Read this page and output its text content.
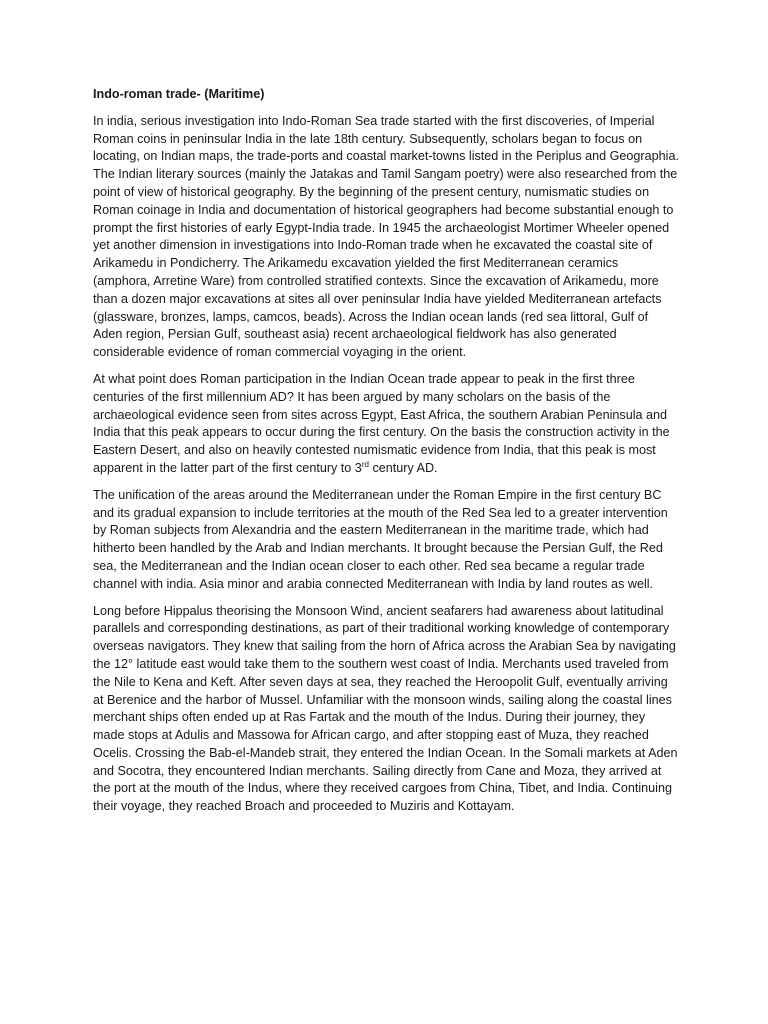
Indo-roman trade- (Maritime)

In india, serious investigation into Indo-Roman Sea trade started with the first discoveries, of Imperial Roman coins in peninsular India in the late 18th century. Subsequently, scholars began to focus on locating, on Indian maps, the trade-ports and coastal market-towns listed in the Periplus and Geographia. The Indian literary sources (mainly the Jatakas and Tamil Sangam poetry) were also researched from the point of view of historical geography. By the beginning of the present century, numismatic studies on Roman coinage in India and documentation of historical geographers had become substantial enough to prompt the first histories of early Egypt-India trade. In 1945 the archaeologist Mortimer Wheeler opened yet another dimension in investigations into Indo-Roman trade when he excavated the coastal site of Arikamedu in Pondicherry. The Arikamedu excavation yielded the first Mediterranean ceramics (amphora, Arretine Ware) from controlled stratified contexts. Since the excavation of Arikamedu, more than a dozen major excavations at sites all over peninsular India have yielded Mediterranean artefacts (glassware, bronzes, lamps, camcos, beads). Across the Indian ocean lands (red sea littoral, Gulf of Aden region, Persian Gulf, southeast asia) recent archaeological fieldwork has also generated considerable evidence of roman commercial voyaging in the orient.

At what point does Roman participation in the Indian Ocean trade appear to peak in the first three centuries of the first millennium AD? It has been argued by many scholars on the basis of the archaeological evidence seen from sites across Egypt, East Africa, the southern Arabian Peninsula and India that this peak appears to occur during the first century. On the basis the construction activity in the Eastern Desert, and also on heavily contested numismatic evidence from India, that this peak is most apparent in the latter part of the first century to 3rd century AD.

The unification of the areas around the Mediterranean under the Roman Empire in the first century BC and its gradual expansion to include territories at the mouth of the Red Sea led to a greater intervention by Roman subjects from Alexandria and the eastern Mediterranean in the maritime trade, which had hitherto been handled by the Arab and Indian merchants. It brought because the Persian Gulf, the Red sea, the Mediterranean and the Indian ocean closer to each other. Red sea became a regular trade channel with india. Asia minor and arabia connected Mediterranean with India by land routes as well.

Long before Hippalus theorising the Monsoon Wind, ancient seafarers had awareness about latitudinal parallels and corresponding destinations, as part of their traditional working knowledge of contemporary overseas navigators. They knew that sailing from the horn of Africa across the Arabian Sea by navigating the 12° latitude east would take them to the southern west coast of India. Merchants used traveled from the Nile to Kena and Keft. After seven days at sea, they reached the Heroopolit Gulf, eventually arriving at Berenice and the harbor of Mussel. Unfamiliar with the monsoon winds, sailing along the coastal lines merchant ships often ended up at Ras Fartak and the mouth of the Indus. During their journey, they made stops at Adulis and Massowa for African cargo, and after stopping east of Muza, they reached Ocelis. Crossing the Bab-el-Mandeb strait, they entered the Indian Ocean. In the Somali markets at Aden and Socotra, they encountered Indian merchants. Sailing directly from Cane and Moza, they arrived at the port at the mouth of the Indus, where they received cargoes from China, Tibet, and India. Continuing their voyage, they reached Broach and proceeded to Muziris and Kottayam.
